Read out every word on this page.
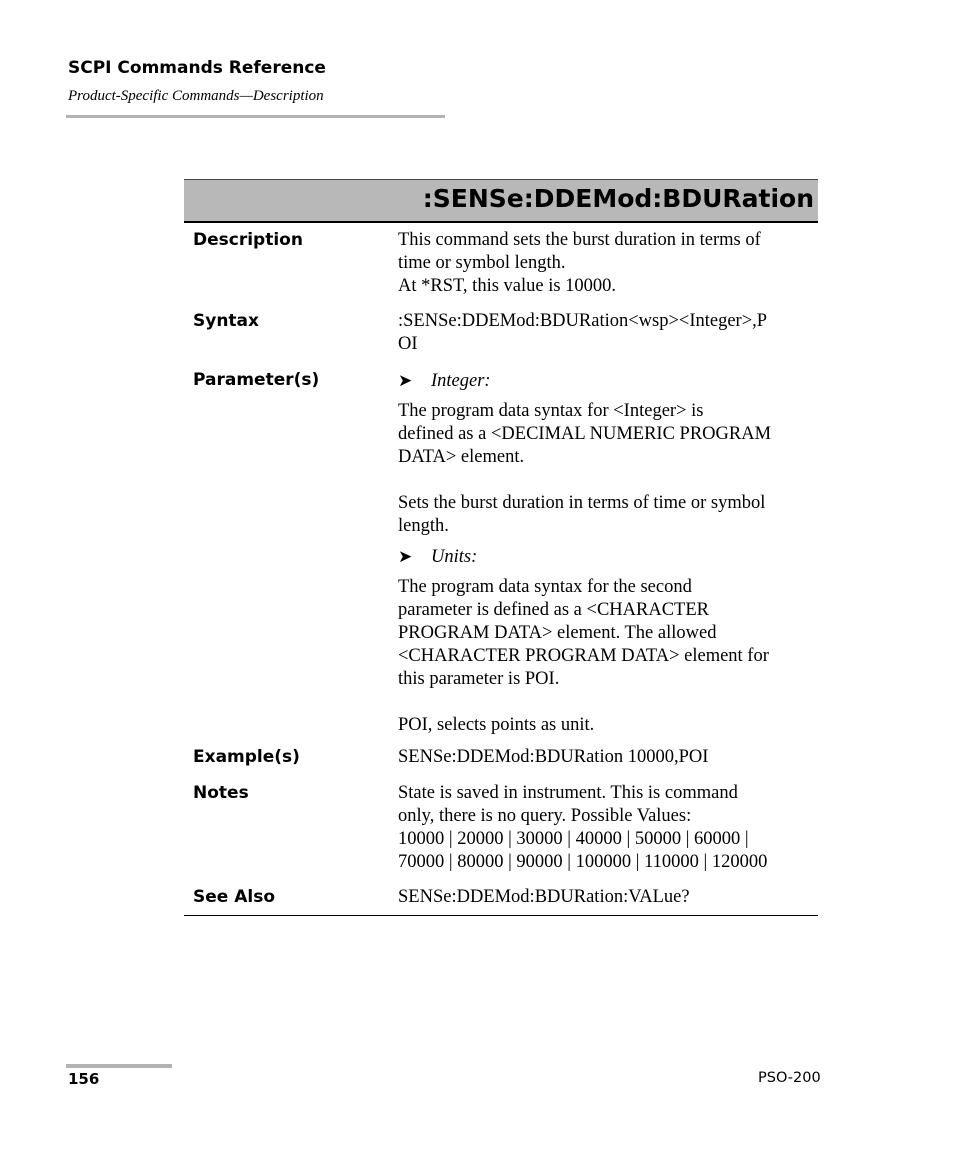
SCPI Commands Reference
Product-Specific Commands—Description
:SENSe:DDEMod:BDURation
Description	This command sets the burst duration in terms of

time or symbol length.

At *RST, this value is 10000.

Syntax	:SENSe:DDEMod:BDURation<wsp><Integer>,P

OI

Parameter(s)	➤	Integer:

The program data syntax for <Integer> is

defined as a <DECIMAL NUMERIC PROGRAM

DATA> element.

Sets the burst duration in terms of time or symbol

length.

➤	Units:

The program data syntax for the second

parameter is defined as a <CHARACTER

PROGRAM DATA> element. The allowed

<CHARACTER PROGRAM DATA> element for

this parameter is POI.

POI, selects points as unit.

Example(s)	SENSe:DDEMod:BDURation 10000,POI

Notes	State is saved in instrument. This is command

only, there is no query. Possible Values:

10000 | 20000 | 30000 | 40000 | 50000 | 60000 |

70000 | 80000 | 90000 | 100000 | 110000 | 120000

See Also	SENSe:DDEMod:BDURation:VALue?

156	PSO-200
